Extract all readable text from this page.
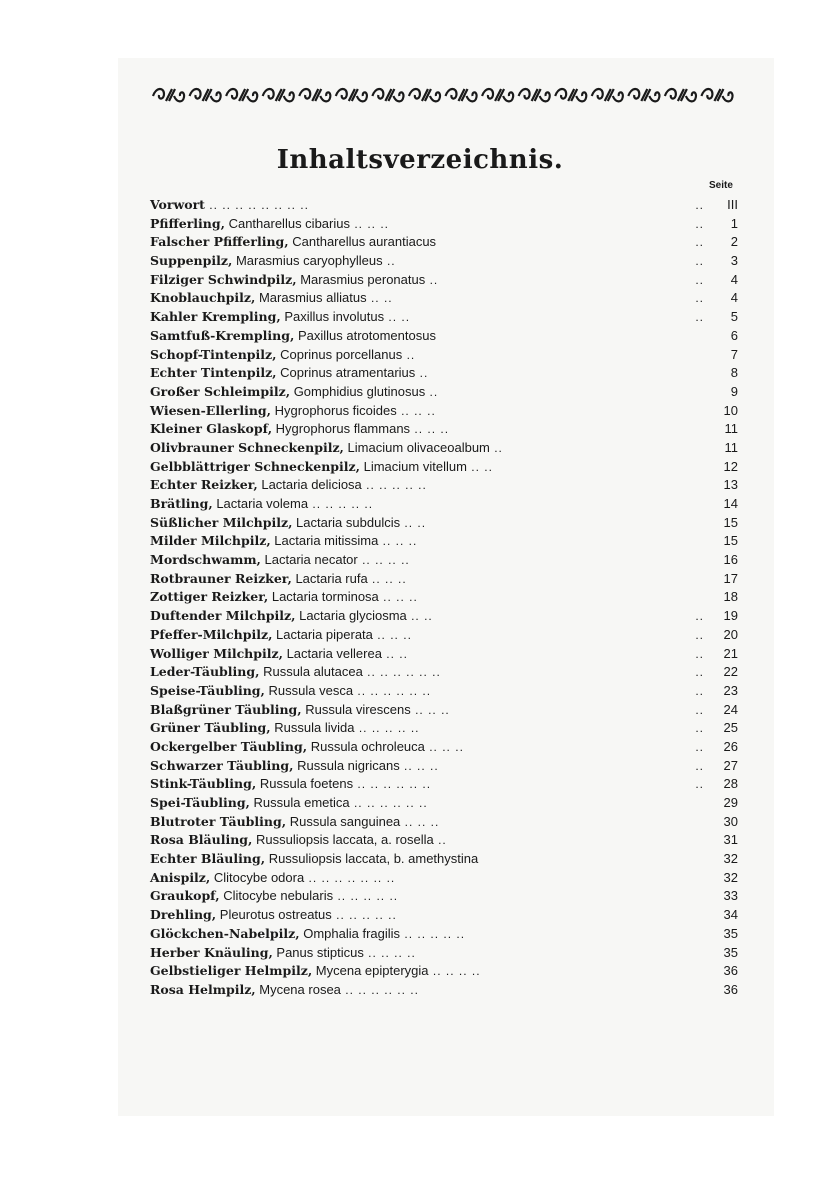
Inhaltsverzeichnis.
Seite
Vorwort .. .. .. .. .. .. .. ..	.. III
Pfifferling, Cantharellus cibarius .. .. ..	.. 1
Falscher Pfifferling, Cantharellus aurantiacus	.. 2
Suppenpilz, Marasmius caryophylleus ..	.. 3
Filziger Schwindpilz, Marasmius peronatus ..	.. 4
Knoblauchpilz, Marasmius alliatus .. ..	.. 4
Kahler Krempling, Paxillus involutus .. ..	.. 5
Samtfuß-Krempling, Paxillus atrotomentosus	6
Schopf-Tintenpilz, Coprinus porcellanus ..	7
Echter Tintenpilz, Coprinus atramentarius ..	8
Großer Schleimpilz, Gomphidius glutinosus ..	9
Wiesen-Ellerling, Hygrophorus ficoides .. .. ..	10
Kleiner Glaskopf, Hygrophorus flammans .. .. ..	11
Olivbrauner Schneckenpilz, Limacium olivaceoalbum ..	11
Gelbblättriger Schneckenpilz, Limacium vitellum .. ..	12
Echter Reizker, Lactaria deliciosa .. .. .. .. ..	13
Brätling, Lactaria volema .. .. .. .. ..	14
Süßlicher Milchpilz, Lactaria subdulcis .. ..	15
Milder Milchpilz, Lactaria mitissima .. .. ..	15
Mordschwamm, Lactaria necator .. .. .. ..	16
Rotbrauner Reizker, Lactaria rufa .. .. ..	17
Zottiger Reizker, Lactaria torminosa .. .. ..	18
Duftender Milchpilz, Lactaria glyciosma .. ..	.. 19
Pfeffer-Milchpilz, Lactaria piperata .. .. ..	.. 20
Wolliger Milchpilz, Lactaria vellerea .. ..	.. 21
Leder-Täubling, Russula alutacea .. .. .. .. .. ..	.. 22
Speise-Täubling, Russula vesca .. .. .. .. .. ..	.. 23
Blaßgrüner Täubling, Russula virescens .. .. ..	.. 24
Grüner Täubling, Russula livida .. .. .. .. ..	.. 25
Ockergelber Täubling, Russula ochroleuca .. .. ..	.. 26
Schwarzer Täubling, Russula nigricans .. .. ..	.. 27
Stink-Täubling, Russula foetens .. .. .. .. .. ..	.. 28
Spei-Täubling, Russula emetica .. .. .. .. .. ..	29
Blutroter Täubling, Russula sanguinea .. .. ..	30
Rosa Bläuling, Russuliopsis laccata, a. rosella ..	31
Echter Bläuling, Russuliopsis laccata, b. amethystina	32
Anispilz, Clitocybe odora .. .. .. .. .. .. ..	32
Graukopf, Clitocybe nebularis .. .. .. .. ..	33
Drehling, Pleurotus ostreatus .. .. .. .. ..	34
Glöckchen-Nabelpilz, Omphalia fragilis .. .. .. .. ..	35
Herber Knäuling, Panus stipticus .. .. .. ..	35
Gelbstieliger Helmpilz, Mycena epipterygia .. .. .. ..	36
Rosa Helmpilz, Mycena rosea .. .. .. .. .. ..	36
